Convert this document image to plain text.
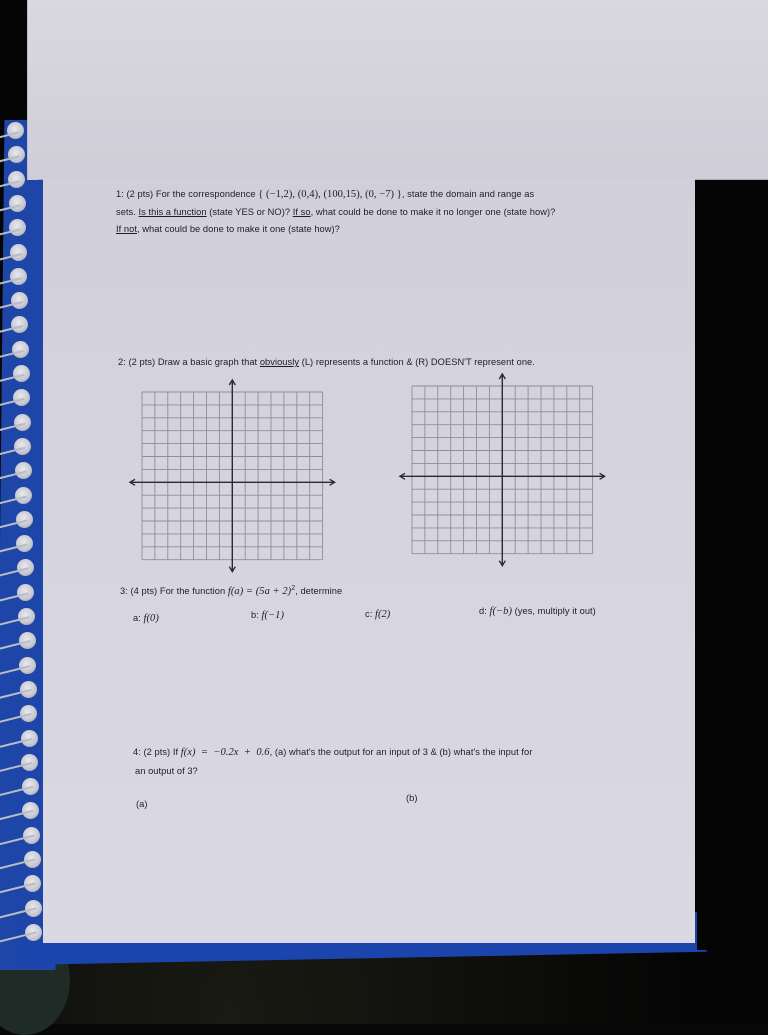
1: (2 pts) For the correspondence { (−1,2), (0,4), (100,15), (0, −7) }, state the domain and range as
sets. Is this a function (state YES or NO)? If so, what could be done to make it no longer one (state how)?
If not, what could be done to make it one (state how)?
2: (2 pts) Draw a basic graph that obviously (L) represents a function & (R) DOESN'T represent one.
3: (4 pts) For the function $f(a) = (5a + 2)^2$, determine
a: f(0)	b: f(−1)	c: f(2)	d: f(−b) (yes, multiply it out)
4: (2 pts) If f(x)  =  −0.2x  +  0.6, (a) what's the output for an input of 3 & (b) what's the input for
an output of 3?
(a)
(b)
